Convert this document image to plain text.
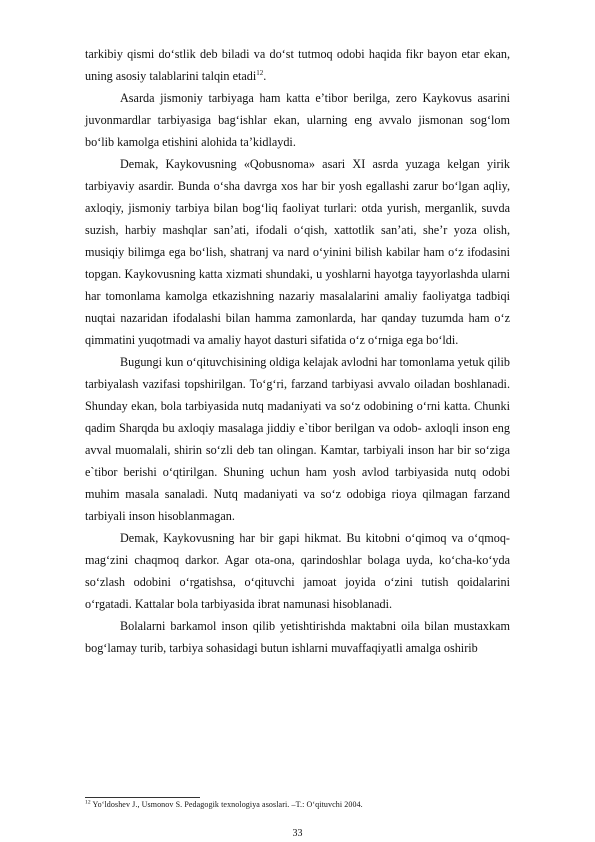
tarkibiy qismi do‘stlik deb biladi va do‘st tutmoq odobi haqida fikr bayon etar ekan, uning asosiy talablarini talqin etadi$^{12}$.

Asarda jismoniy tarbiyaga ham katta e’tibor berilga, zero Kaykovus asarini juvonmardlar tarbiyasiga bag‘ishlar ekan, ularning eng avvalo jismonan sog‘lom bo‘lib kamolga etishini alohida ta’kidlaydi.

Demak, Kaykovusning «Qobusnoma» asari XI asrda yuzaga kelgan yirik tarbiyaviy asardir. Bunda o‘sha davrga xos har bir yosh egallashi zarur bo‘lgan aqliy, axloqiy, jismoniy tarbiya bilan bog‘liq faoliyat turlari: otda yurish, merganlik, suvda suzish, harbiy mashqlar san’ati, ifodali o‘qish, xattotlik san’ati, she’r yoza olish, musiqiy bilimga ega bo‘lish, shatranj va nard o‘yinini bilish kabilar ham o‘z ifodasini topgan. Kaykovusning katta xizmati shundaki, u yoshlarni hayotga tayyorlashda ularni har tomonlama kamolga etkazishning nazariy masalalarini amaliy faoliyatga tadbiqi nuqtai nazaridan ifodalashi bilan hamma zamonlarda, har qanday tuzumda ham o‘z qimmatini yuqotmadi va amaliy hayot dasturi sifatida o‘z o‘rniga ega bo‘ldi.

Bugungi kun o‘qituvchisining oldiga kelajak avlodni har tomonlama yetuk qilib tarbiyalash vazifasi topshirilgan. To‘g‘ri, farzand tarbiyasi avvalo oiladan boshlanadi. Shunday ekan, bola tarbiyasida nutq madaniyati va so‘z odobining o‘rni katta. Chunki qadim Sharqda bu axloqiy masalaga jiddiy e`tibor berilgan va odob- axloqli inson eng avval muomalali, shirin so‘zli deb tan olingan. Kamtar, tarbiyali inson har bir so‘ziga e`tibor berishi o‘qtirilgan. Shuning uchun ham yosh avlod tarbiyasida nutq odobi muhim masala sanaladi. Nutq madaniyati va so‘z odobiga rioya qilmagan farzand tarbiyali inson hisoblanmagan.

Demak, Kaykovusning har bir gapi hikmat. Bu kitobni o‘qimoq va o‘qmoq-mag‘zini chaqmoq darkor. Agar ota-ona, qarindoshlar bolaga uyda, ko‘cha-ko‘yda so‘zlash odobini o‘rgatishsa, o‘qituvchi jamoat joyida o‘zini tutish qoidalarini o‘rgatadi. Kattalar bola tarbiyasida ibrat namunasi hisoblanadi.

Bolalarni barkamol inson qilib yetishtirishda maktabni oila bilan mustaxkam bog‘lamay turib, tarbiya sohasidagi butun ishlarni muvaffaqiyatli amalga oshirib

$^{12}$ Yo‘ldoshev J., Usmonov S. Pedagogik texnologiya asoslari. –T.: O‘qituvchi 2004.
33
